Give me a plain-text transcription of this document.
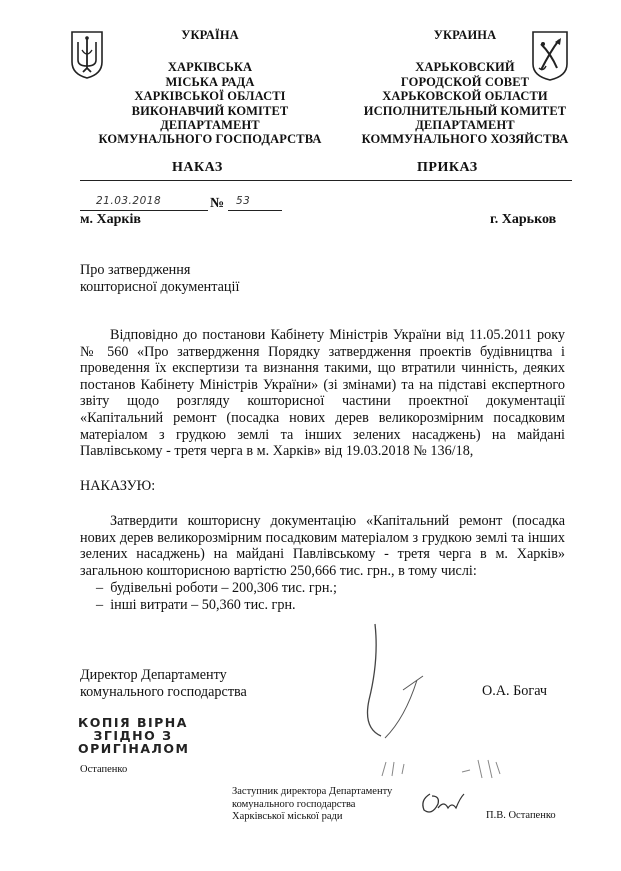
УКРАЇНА
ХАРКІВСЬКА
МІСЬКА РАДА
ХАРКІВСЬКОЇ ОБЛАСТІ
ВИКОНАВЧИЙ КОМІТЕТ
ДЕПАРТАМЕНТ
КОМУНАЛЬНОГО ГОСПОДАРСТВА
УКРАИНА
ХАРЬКОВСКИЙ
ГОРОДСКОЙ СОВЕТ
ХАРЬКОВСКОЙ ОБЛАСТИ
ИСПОЛНИТЕЛЬНЫЙ КОМИТЕТ
ДЕПАРТАМЕНТ
КОММУНАЛЬНОГО ХОЗЯЙСТВА
НАКАЗ	ПРИКАЗ
21.03.2018	№ 53
м. Харків	г. Харьков
Про затвердження
кошторисної документації

Відповідно до постанови Кабінету Міністрів України від 11.05.2011 року № 560 «Про затвердження Порядку затвердження проектів будівництва і проведення їх експертизи та визнання такими, що втратили чинність, деяких постанов Кабінету Міністрів України» (зі змінами) та на підставі експертного звіту щодо розгляду кошторисної частини проектної документації «Капітальний ремонт (посадка нових дерев великорозмірним посадковим матеріалом з грудкою землі та інших зелених насаджень) на майдані Павлівському - третя черга в м. Харків» від 19.03.2018 № 136/18,

НАКАЗУЮ:

Затвердити кошторисну документацію «Капітальний ремонт (посадка нових дерев великорозмірним посадковим матеріалом з грудкою землі та інших зелених насаджень) на майдані Павлівському - третя черга в м. Харків» загальною кошторисною вартістю 250,666 тис. грн., в тому числі:

–  будівельні роботи – 200,306 тис. грн.;
–  інші витрати – 50,360 тис. грн.
Директор Департаменту
комунального господарства	О.А. Богач
КОПІЯ ВІРНА
ЗГІДНО З
ОРИГІНАЛОМ
Остапенко
Заступник директора Департаменту
комунального господарства
Харківської міської ради	П.В. Остапенко
